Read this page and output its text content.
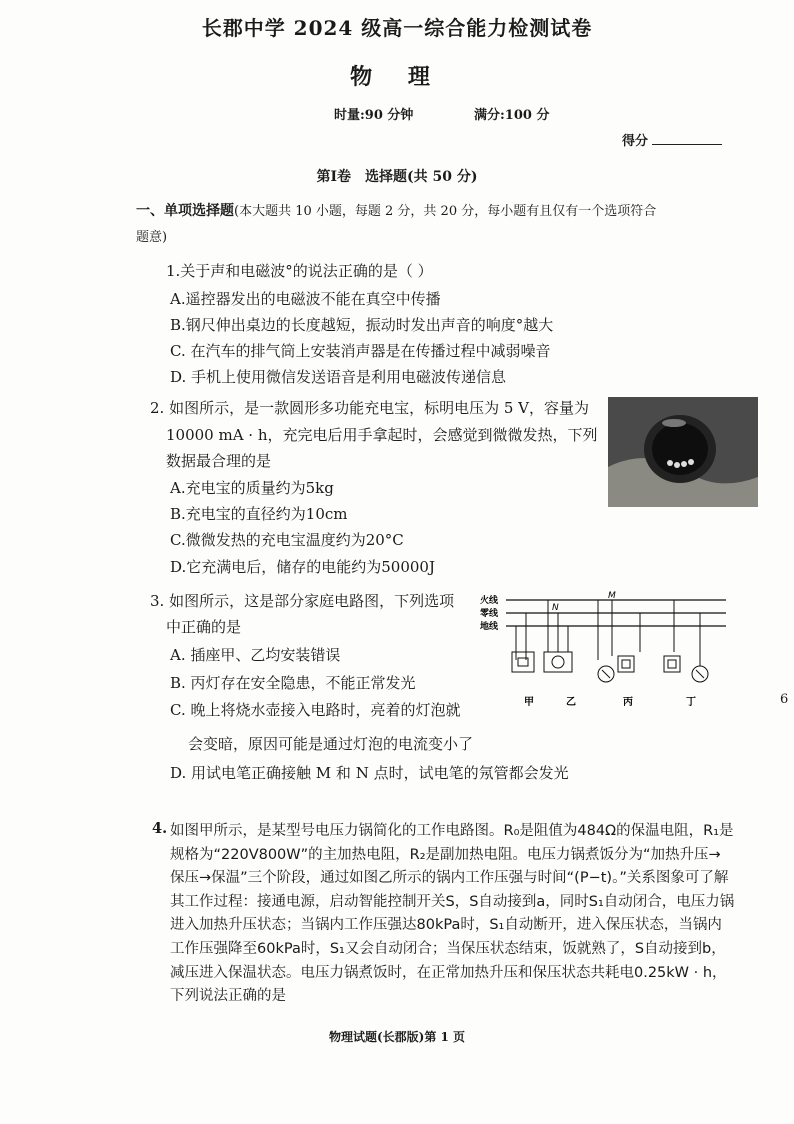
长郡中学 2024 级高一综合能力检测试卷
物 理
时量:90 分钟	满分:100 分
得分
第Ⅰ卷　选择题(共 50 分)
一、单项选择题(本大题共 10 小题，每题 2 分，共 20 分，每小题有且仅有一个选项符合
题意)
1.关于声和电磁波°的说法正确的是（ ）
A.遥控器发出的电磁波不能在真空中传播
B.钢尺伸出桌边的长度越短，振动时发出声音的响度°越大
C. 在汽车的排气筒上安装消声器是在传播过程中减弱噪音
D. 手机上使用微信发送语音是利用电磁波传递信息
2. 如图所示，是一款圆形多功能充电宝，标明电压为 5 V，容量为
10000 mA · h，充完电后用手拿起时，会感觉到微微发热，下列
数据最合理的是
A.充电宝的质量约为5kg
B.充电宝的直径约为10cm
C.微微发热的充电宝温度约为20°C
D.它充满电后，储存的电能约为50000J
3. 如图所示，这是部分家庭电路图，下列选项
中正确的是
A. 插座甲、乙均安装错误
B. 丙灯存在安全隐患，不能正常发光
C. 晚上将烧水壶接入电路时，亮着的灯泡就
会变暗，原因可能是通过灯泡的电流变小了
D. 用试电笔正确接触 M 和 N 点时，试电笔的氖管都会发光
火线
零线
地线
N
M
甲	乙	丙	丁	6
4. 如图甲所示，是某型号电压力锅简化的工作电路图。R₀是阻值为484Ω的保温电阻，R₁是规格为“220V800W”的主加热电阻，R₂是副加热电阻。电压力锅煮饭分为“加热升压→保压→保温”三个阶段，通过如图乙所示的锅内工作压强与时间“(P−t)。”关系图象可了解其工作过程：接通电源，启动智能控制开关S，S自动接到a，同时S₁自动闭合，电压力锅进入加热升压状态；当锅内工作压强达80kPa时，S₁自动断开，进入保压状态，当锅内工作压强降至60kPa时，S₁又会自动闭合；当保压状态结束，饭就熟了，S自动接到b，减压进入保温状态。电压力锅煮饭时，在正常加热升压和保压状态共耗电0.25kW · h，下列说法正确的是
物理试题(长郡版)第 1 页
